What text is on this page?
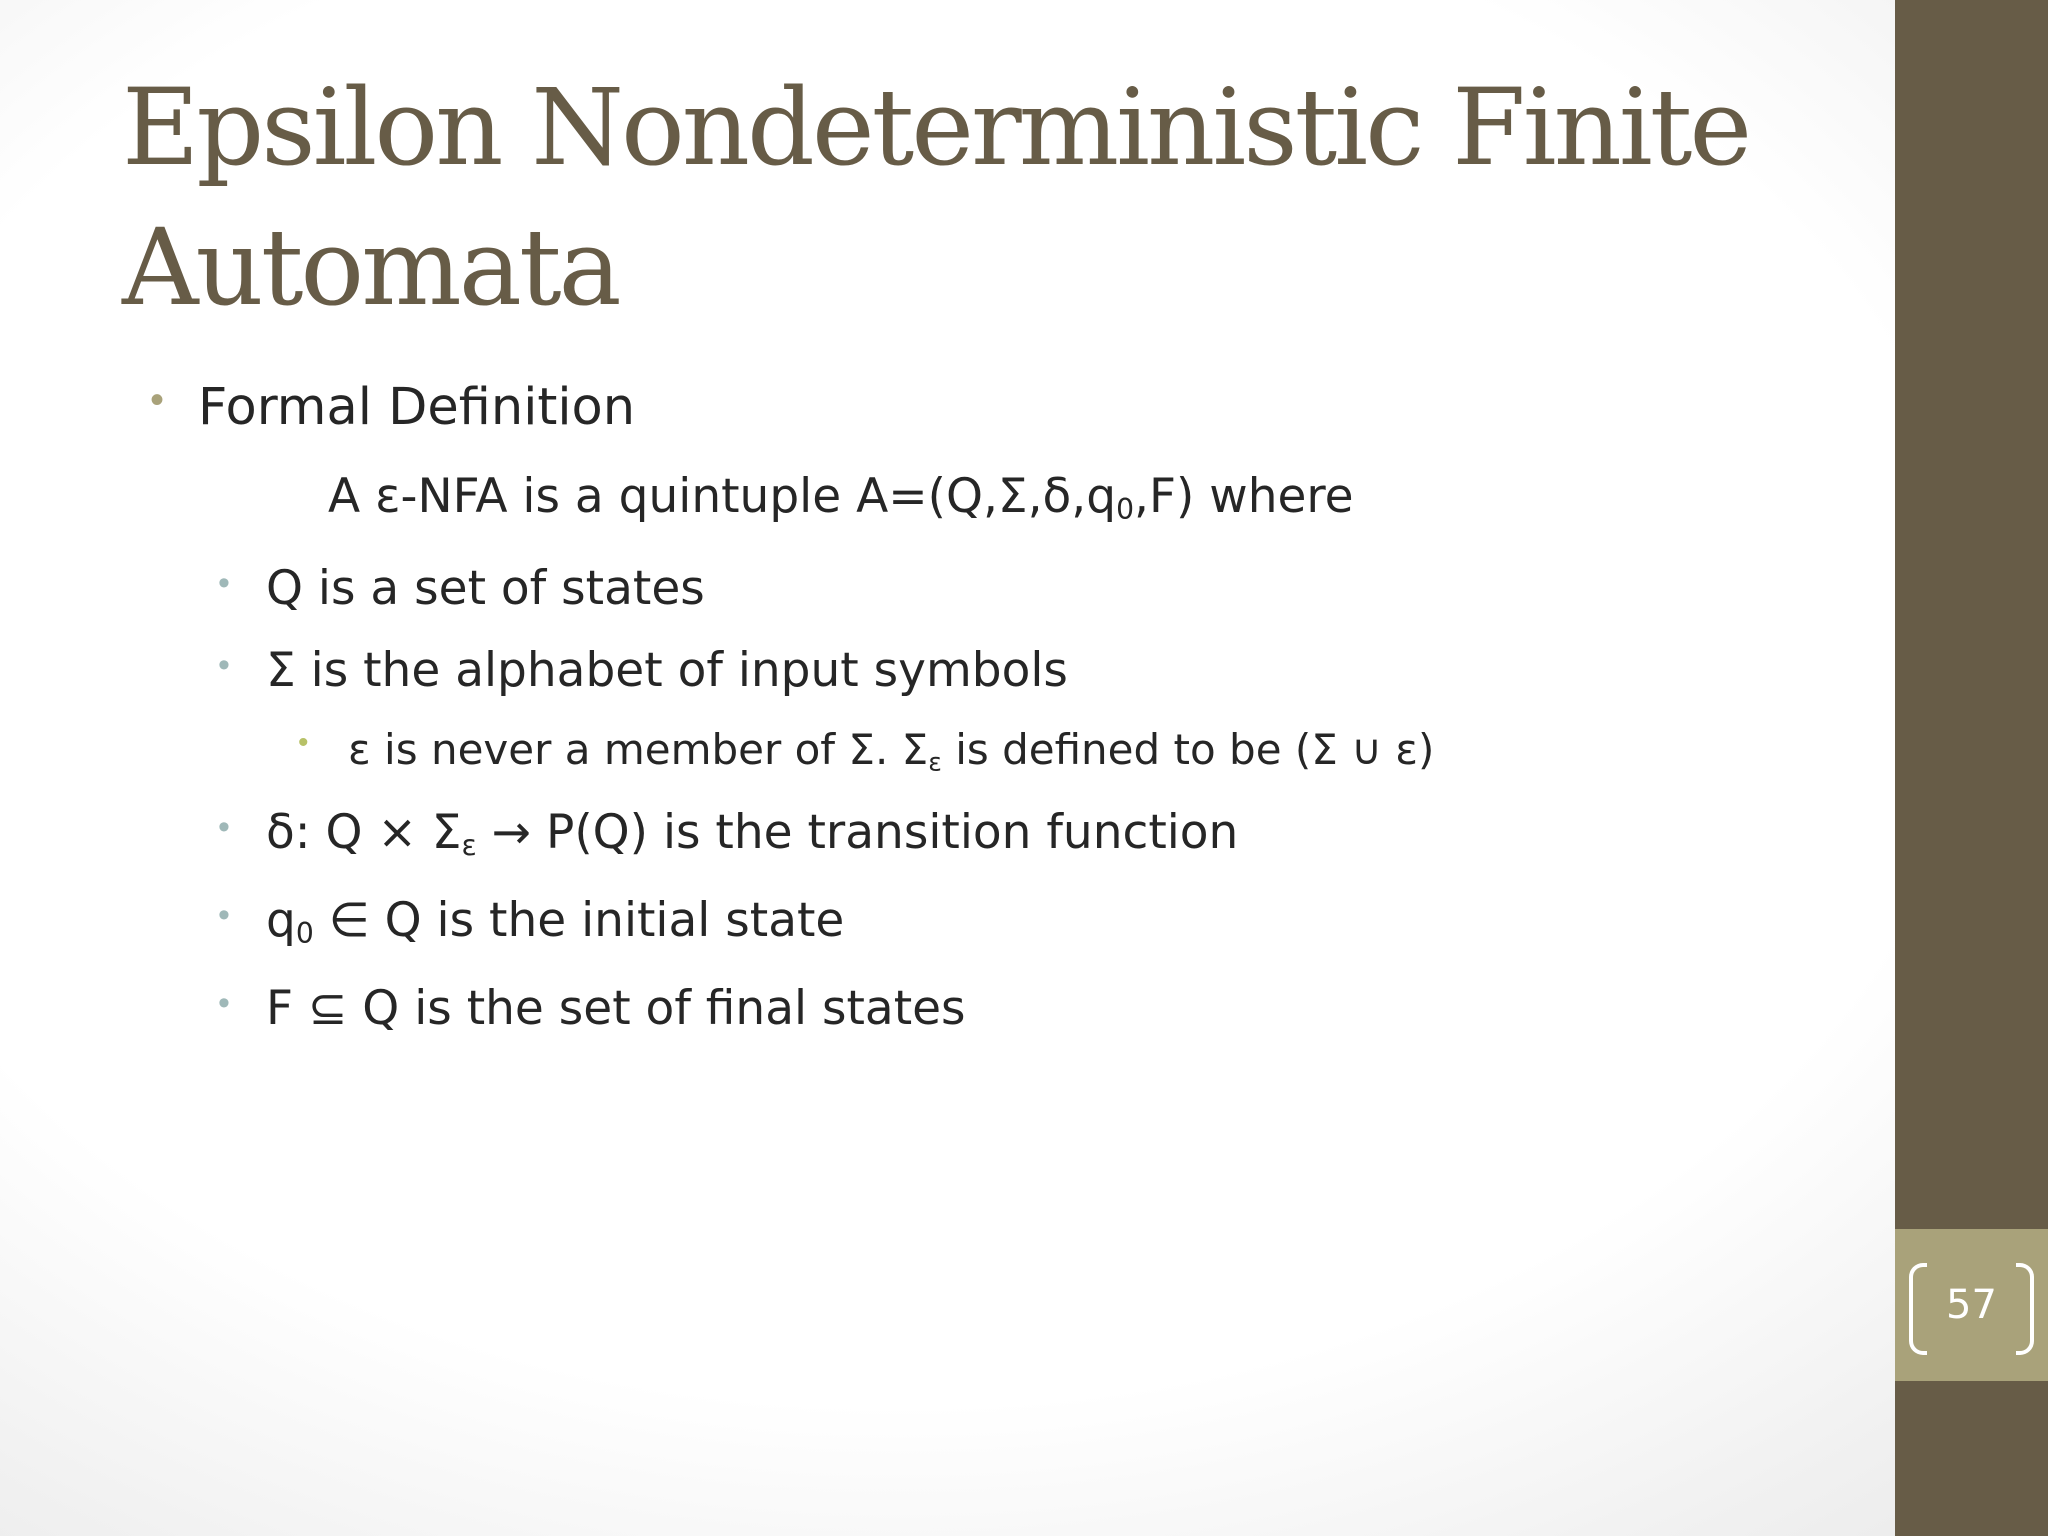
57
Epsilon Nondeterministic Finite Automata
• Formal Definition
A ε-NFA is a quintuple $A=(Q,\Sigma,\delta,q_0,F)$ where
• Q is a set of states
• Σ is the alphabet of input symbols
• ε is never a member of Σ. $\Sigma_\varepsilon$ is defined to be (Σ ∪ ε)
• δ: $Q \times \Sigma_\varepsilon \to P(Q)$ is the transition function
• $q_0$ ∈ Q is the initial state
• F ⊆ Q is the set of final states
